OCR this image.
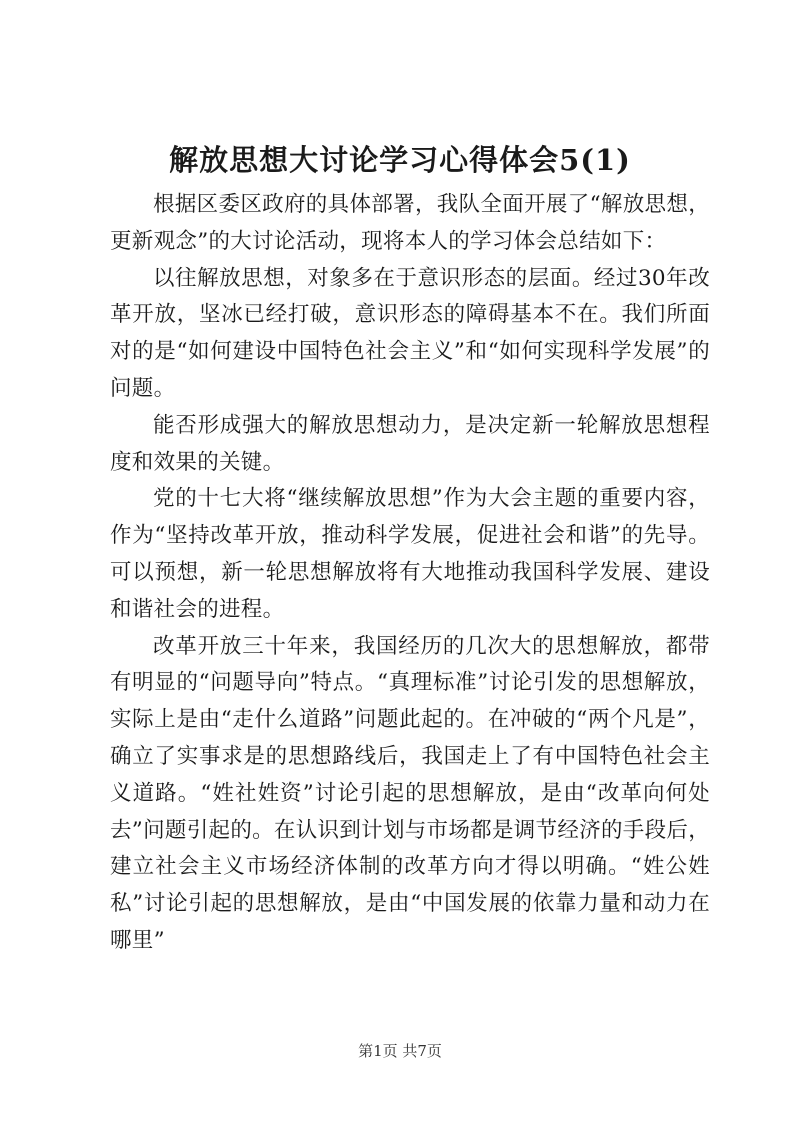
解放思想大讨论学习心得体会5(1)

根据区委区政府的具体部署，我队全面开展了“解放思想，更新观念”的大讨论活动，现将本人的学习体会总结如下：

以往解放思想，对象多在于意识形态的层面。经过30年改革开放，坚冰已经打破，意识形态的障碍基本不在。我们所面对的是“如何建设中国特色社会主义”和“如何实现科学发展”的问题。

能否形成强大的解放思想动力，是决定新一轮解放思想程度和效果的关键。

党的十七大将“继续解放思想”作为大会主题的重要内容，作为“坚持改革开放，推动科学发展，促进社会和谐”的先导。可以预想，新一轮思想解放将有大地推动我国科学发展、建设和谐社会的进程。

改革开放三十年来，我国经历的几次大的思想解放，都带有明显的“问题导向”特点。“真理标准”讨论引发的思想解放，实际上是由“走什么道路”问题此起的。在冲破的“两个凡是”，确立了实事求是的思想路线后，我国走上了有中国特色社会主义道路。“姓社姓资”讨论引起的思想解放，是由“改革向何处去”问题引起的。在认识到计划与市场都是调节经济的手段后，建立社会主义市场经济体制的改革方向才得以明确。“姓公姓私”讨论引起的思想解放，是由“中国发展的依靠力量和动力在哪里”

第1页 共7页
